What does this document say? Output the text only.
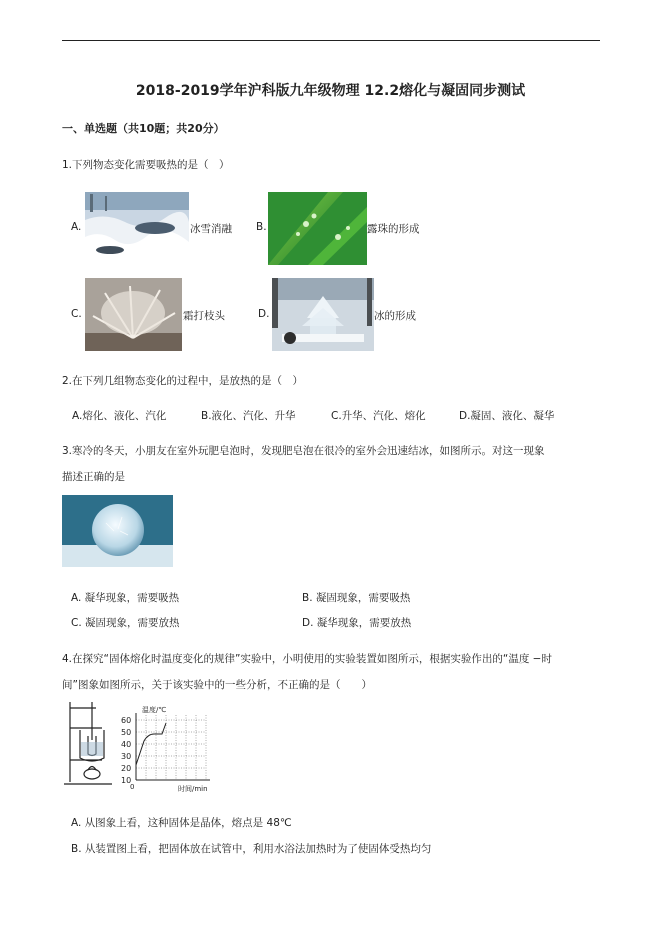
2018-2019学年沪科版九年级物理 12.2熔化与凝固同步测试
一、单选题（共10题；共20分）
1.下列物态变化需要吸热的是（　）
A.	冰雪消融 B.	露珠的形成
C.	霜打枝头	D.	冰的形成
2.在下列几组物态变化的过程中，是放热的是（　）
A.熔化、液化、汽化	B.液化、汽化、升华	C.升华、汽化、熔化	D.凝固、液化、凝华
3.寒冷的冬天，小朋友在室外玩肥皂泡时，发现肥皂泡在很冷的室外会迅速结冰，如图所示。对这一现象
描述正确的是
A. 凝华现象，需要吸热	B. 凝固现象，需要吸热
C. 凝固现象，需要放热	D. 凝华现象，需要放热
4.在探究“固体熔化时温度变化的规律”实验中，小明使用的实验装置如图所示，根据实验作出的“温度 −时
间”图象如图所示，关于该实验中的一些分析，不正确的是（　　）
温度/℃
60
50
40
30
20
10
0	时间/min
A. 从图象上看，这种固体是晶体，熔点是 48℃
B. 从装置图上看，把固体放在试管中，利用水浴法加热时为了使固体受热均匀
